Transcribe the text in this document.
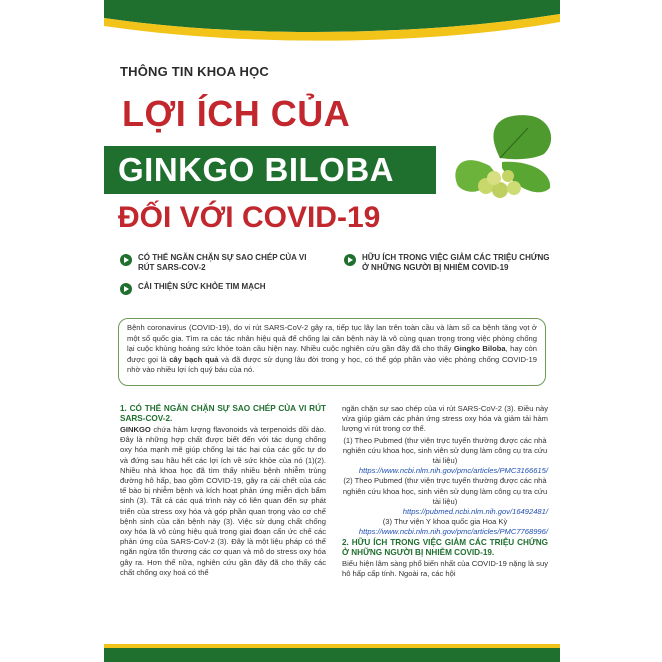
THÔNG TIN KHOA HỌC
LỢI ÍCH CỦA
GINKGO BILOBA
ĐỐI VỚI COVID-19
CÓ THỂ NGĂN CHẶN SỰ SAO CHÉP CỦA VI RÚT SARS-COV-2
CẢI THIỆN SỨC KHỎE TIM MẠCH
HỮU ÍCH TRONG VIỆC GIẢM CÁC TRIỆU CHỨNG Ở NHỮNG NGƯỜI BỊ NHIỄM COVID-19
Bệnh coronavirus (COVID-19), do vi rút SARS-CoV-2 gây ra, tiếp tục lây lan trên toàn cầu và làm số ca bệnh tăng vọt ở một số quốc gia. Tìm ra các tác nhân hiệu quả để chống lại căn bệnh này là vô cùng quan trọng trong việc phòng chống lại cuộc khủng hoảng sức khỏe toàn cầu hiện nay. Nhiều cuộc nghiên cứu gần đây đã cho thấy Gingko Biloba, hay còn được gọi là cây bạch quả và đã được sử dụng lâu đời trong y học, có thể góp phần vào việc phòng chống COVID-19 nhờ vào nhiều lợi ích quý báu của nó.
1. CÓ THỂ NGĂN CHẶN SỰ SAO CHÉP CỦA VI RÚT SARS-COV-2.

GINKGO chứa hàm lượng flavonoids và terpenoids dồi dào. Đây là những hợp chất được biết đến với tác dụng chống oxy hóa mạnh mẽ giúp chống lại tác hại của các gốc tự do và đứng sau hầu hết các lợi ích về sức khỏe của nó (1)(2). Nhiều nhà khoa học đã tìm thấy nhiều bệnh nhiễm trùng đường hô hấp, bao gồm COVID-19, gây ra cái chết của các tế bào bị nhiễm bệnh và kích hoạt phản ứng miễn dịch bẩm sinh (3). Tất cả các quá trình này có liên quan đến sự phát triển của stress oxy hóa và góp phần quan trọng vào cơ chế bệnh sinh của căn bệnh này (3). Việc sử dụng chất chống oxy hóa là vô cùng hiệu quả trong giai đoạn cấn ức chế các phản ứng của SARS-CoV-2 (3). Đây là một liệu pháp có thể ngăn ngừa tổn thương các cơ quan và mô do stress oxy hóa gây ra. Hơn thế nữa, nghiên cứu gần đây đã cho thấy các chất chống oxy hoá có thể

ngăn chặn sự sao chép của vi rút SARS-CoV-2 (3). Điều này vừa giúp giảm các phản ứng stress oxy hóa và giảm tải hàm lượng vi rút trong cơ thể.

(1) Theo Pubmed (thư viện trực tuyến thường được các nhà nghiên cứu khoa học, sinh viên sử dụng làm công cụ tra cứu tài liệu)
https://www.ncbi.nlm.nih.gov/pmc/articles/PMC3166615/
(2) Theo Pubmed (thư viện trực tuyến thường được các nhà nghiên cứu khoa học, sinh viên sử dụng làm công cụ tra cứu tài liệu)
https://pubmed.ncbi.nlm.nih.gov/16492481/
(3) Thư viện Y khoa quốc gia Hoa Kỳ
https://www.ncbi.nlm.nih.gov/pmc/articles/PMC7768996/
2. HỮU ÍCH TRONG VIỆC GIẢM CÁC TRIỆU CHỨNG Ở NHỮNG NGƯỜI BỊ NHIỄM COVID-19.

Biểu hiện lâm sàng phổ biến nhất của COVID-19 nặng là suy hô hấp cấp tính. Ngoài ra, các hội
